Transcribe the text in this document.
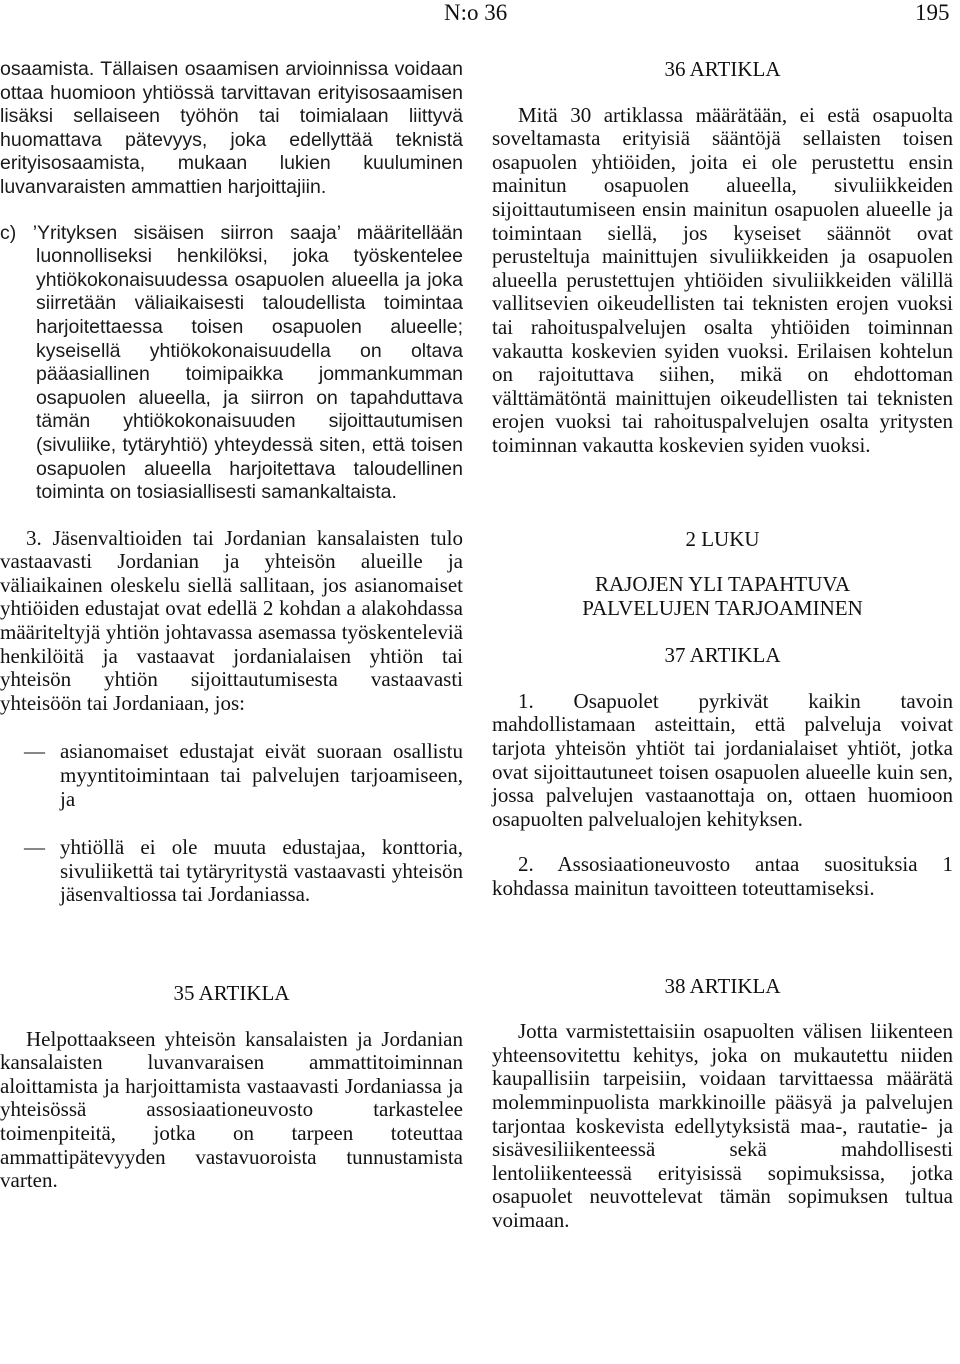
N:o 36	195

osaamista. Tällaisen osaamisen arvioinnissa voidaan ottaa huomioon yhtiössä tarvittavan erityisosaamisen lisäksi sellaiseen työhön tai toimialaan liittyvä huomattava pätevyys, joka edellyttää teknistä erityisosaamista, mukaan lukien kuuluminen luvanvaraisten ammattien harjoittajiin.

c) ’Yrityksen sisäisen siirron saaja’ määritellään luonnolliseksi henkilöksi, joka työskentelee yhtiökokonaisuudessa osapuolen alueella ja joka siirretään väliaikaisesti taloudellista toimintaa harjoitettaessa toisen osapuolen alueelle; kyseisellä yhtiökokonaisuudella on oltava pääasiallinen toimipaikka jommankumman osapuolen alueella, ja siirron on tapahduttava tämän yhtiökokonaisuuden sijoittautumisen (sivuliike, tytäryhtiö) yhteydessä siten, että toisen osapuolen alueella harjoitettava taloudellinen toiminta on tosiasiallisesti samankaltaista.

3. Jäsenvaltioiden tai Jordanian kansalaisten tulo vastaavasti Jordanian ja yhteisön alueille ja väliaikainen oleskelu siellä sallitaan, jos asianomaiset yhtiöiden edustajat ovat edellä 2 kohdan a alakohdassa määriteltyjä yhtiön johtavassa asemassa työskenteleviä henkilöitä ja vastaavat jordanialaisen yhtiön tai yhteisön yhtiön sijoittautumisesta vastaavasti yhteisöön tai Jordaniaan, jos:

— asianomaiset edustajat eivät suoraan osallistu myyntitoimintaan tai palvelujen tarjoamiseen, ja

— yhtiöllä ei ole muuta edustajaa, konttoria, sivuliikettä tai tytäryritystä vastaavasti yhteisön jäsenvaltiossa tai Jordaniassa.

35 ARTIKLA

Helpottaakseen yhteisön kansalaisten ja Jordanian kansalaisten luvanvaraisen ammattitoiminnan aloittamista ja harjoittamista vastaavasti Jordaniassa ja yhteisössä assosiaationeuvosto tarkastelee toimenpiteitä, jotka on tarpeen toteuttaa ammattipätevyyden vastavuoroista tunnustamista varten.

36 ARTIKLA

Mitä 30 artiklassa määrätään, ei estä osapuolta soveltamasta erityisiä sääntöjä sellaisten toisen osapuolen yhtiöiden, joita ei ole perustettu ensin mainitun osapuolen alueella, sivuliikkeiden sijoittautumiseen ensin mainitun osapuolen alueelle ja toimintaan siellä, jos kyseiset säännöt ovat perusteltuja mainittujen sivuliikkeiden ja osapuolen alueella perustettujen yhtiöiden sivuliikkeiden välillä vallitsevien oikeudellisten tai teknisten erojen vuoksi tai rahoituspalvelujen osalta yhtiöiden toiminnan vakautta koskevien syiden vuoksi. Erilaisen kohtelun on rajoituttava siihen, mikä on ehdottoman välttämätöntä mainittujen oikeudellisten tai teknisten erojen vuoksi tai rahoituspalvelujen osalta yritysten toiminnan vakautta koskevien syiden vuoksi.

2 LUKU

RAJOJEN YLI TAPAHTUVA

PALVELUJEN TARJOAMINEN

37 ARTIKLA

1. Osapuolet pyrkivät kaikin tavoin mahdollistamaan asteittain, että palveluja voivat tarjota yhteisön yhtiöt tai jordanialaiset yhtiöt, jotka ovat sijoittautuneet toisen osapuolen alueelle kuin sen, jossa palvelujen vastaanottaja on, ottaen huomioon osapuolten palvelualojen kehityksen.

2. Assosiaationeuvosto antaa suosituksia 1 kohdassa mainitun tavoitteen toteuttamiseksi.

38 ARTIKLA

Jotta varmistettaisiin osapuolten välisen liikenteen yhteensovitettu kehitys, joka on mukautettu niiden kaupallisiin tarpeisiin, voidaan tarvittaessa määrätä molemminpuolista markkinoille pääsyä ja palvelujen tarjontaa koskevista edellytyksistä maa-, rautatie- ja sisävesiliikenteessä sekä mahdollisesti lentoliikenteessä erityisissä sopimuksissa, jotka osapuolet neuvottelevat tämän sopimuksen tultua voimaan.
